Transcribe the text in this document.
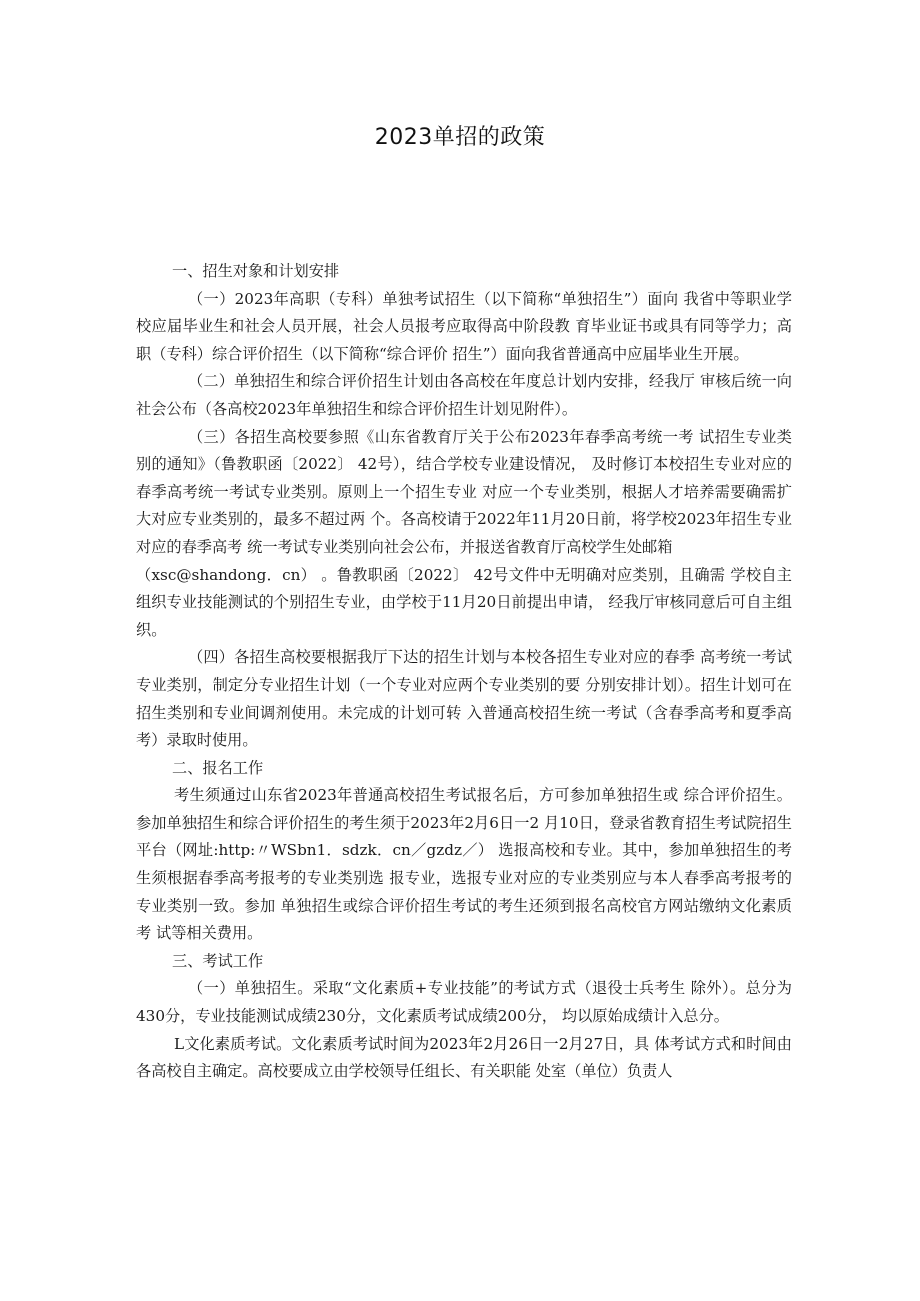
2023单招的政策

一、招生对象和计划安排

（一）2023年高职（专科）单独考试招生（以下简称“单独招生”）面向 我省中等职业学校应届毕业生和社会人员开展，社会人员报考应取得高中阶段教 育毕业证书或具有同等学力；高职（专科）综合评价招生（以下简称“综合评价 招生”）面向我省普通高中应届毕业生开展。

（二）单独招生和综合评价招生计划由各高校在年度总计划内安排，经我厅 审核后统一向社会公布（各高校2023年单独招生和综合评价招生计划见附件）。

（三）各招生高校要参照《山东省教育厅关于公布2023年春季高考统一考 试招生专业类别的通知》（鲁教职函〔2022〕 42号），结合学校专业建设情况， 及时修订本校招生专业对应的春季高考统一考试专业类别。原则上一个招生专业 对应一个专业类别，根据人才培养需要确需扩大对应专业类别的，最多不超过两 个。各高校请于2022年11月20日前，将学校2023年招生专业对应的春季高考 统一考试专业类别向社会公布，并报送省教育厅高校学生处邮箱

（xsc@shandong．cn） 。鲁教职函〔2022〕 42号文件中无明确对应类别，且确需 学校自主组织专业技能测试的个别招生专业，由学校于11月20日前提出申请， 经我厅审核同意后可自主组织。

（四）各招生高校要根据我厅下达的招生计划与本校各招生专业对应的春季 高考统一考试专业类别，制定分专业招生计划（一个专业对应两个专业类别的要 分别安排计划）。招生计划可在招生类别和专业间调剂使用。未完成的计划可转 入普通高校招生统一考试（含春季高考和夏季高考）录取时使用。

二、报名工作

考生须通过山东省2023年普通高校招生考试报名后，方可参加单独招生或 综合评价招生。参加单独招生和综合评价招生的考生须于2023年2月6日一2 月10日，登录省教育招生考试院招生平台（网址:http:〃WSbn1．sdzk．cn／gzdz／） 选报高校和专业。其中，参加单独招生的考生须根据春季高考报考的专业类别选 报专业，选报专业对应的专业类别应与本人春季高考报考的专业类别一致。参加 单独招生或综合评价招生考试的考生还须到报名高校官方网站缴纳文化素质考 试等相关费用。

三、考试工作

（一）单独招生。采取“文化素质+专业技能”的考试方式（退役士兵考生 除外）。总分为430分，专业技能测试成绩230分，文化素质考试成绩200分， 均以原始成绩计入总分。

L文化素质考试。文化素质考试时间为2023年2月26日一2月27日，具 体考试方式和时间由各高校自主确定。高校要成立由学校领导任组长、有关职能 处室（单位）负责人
